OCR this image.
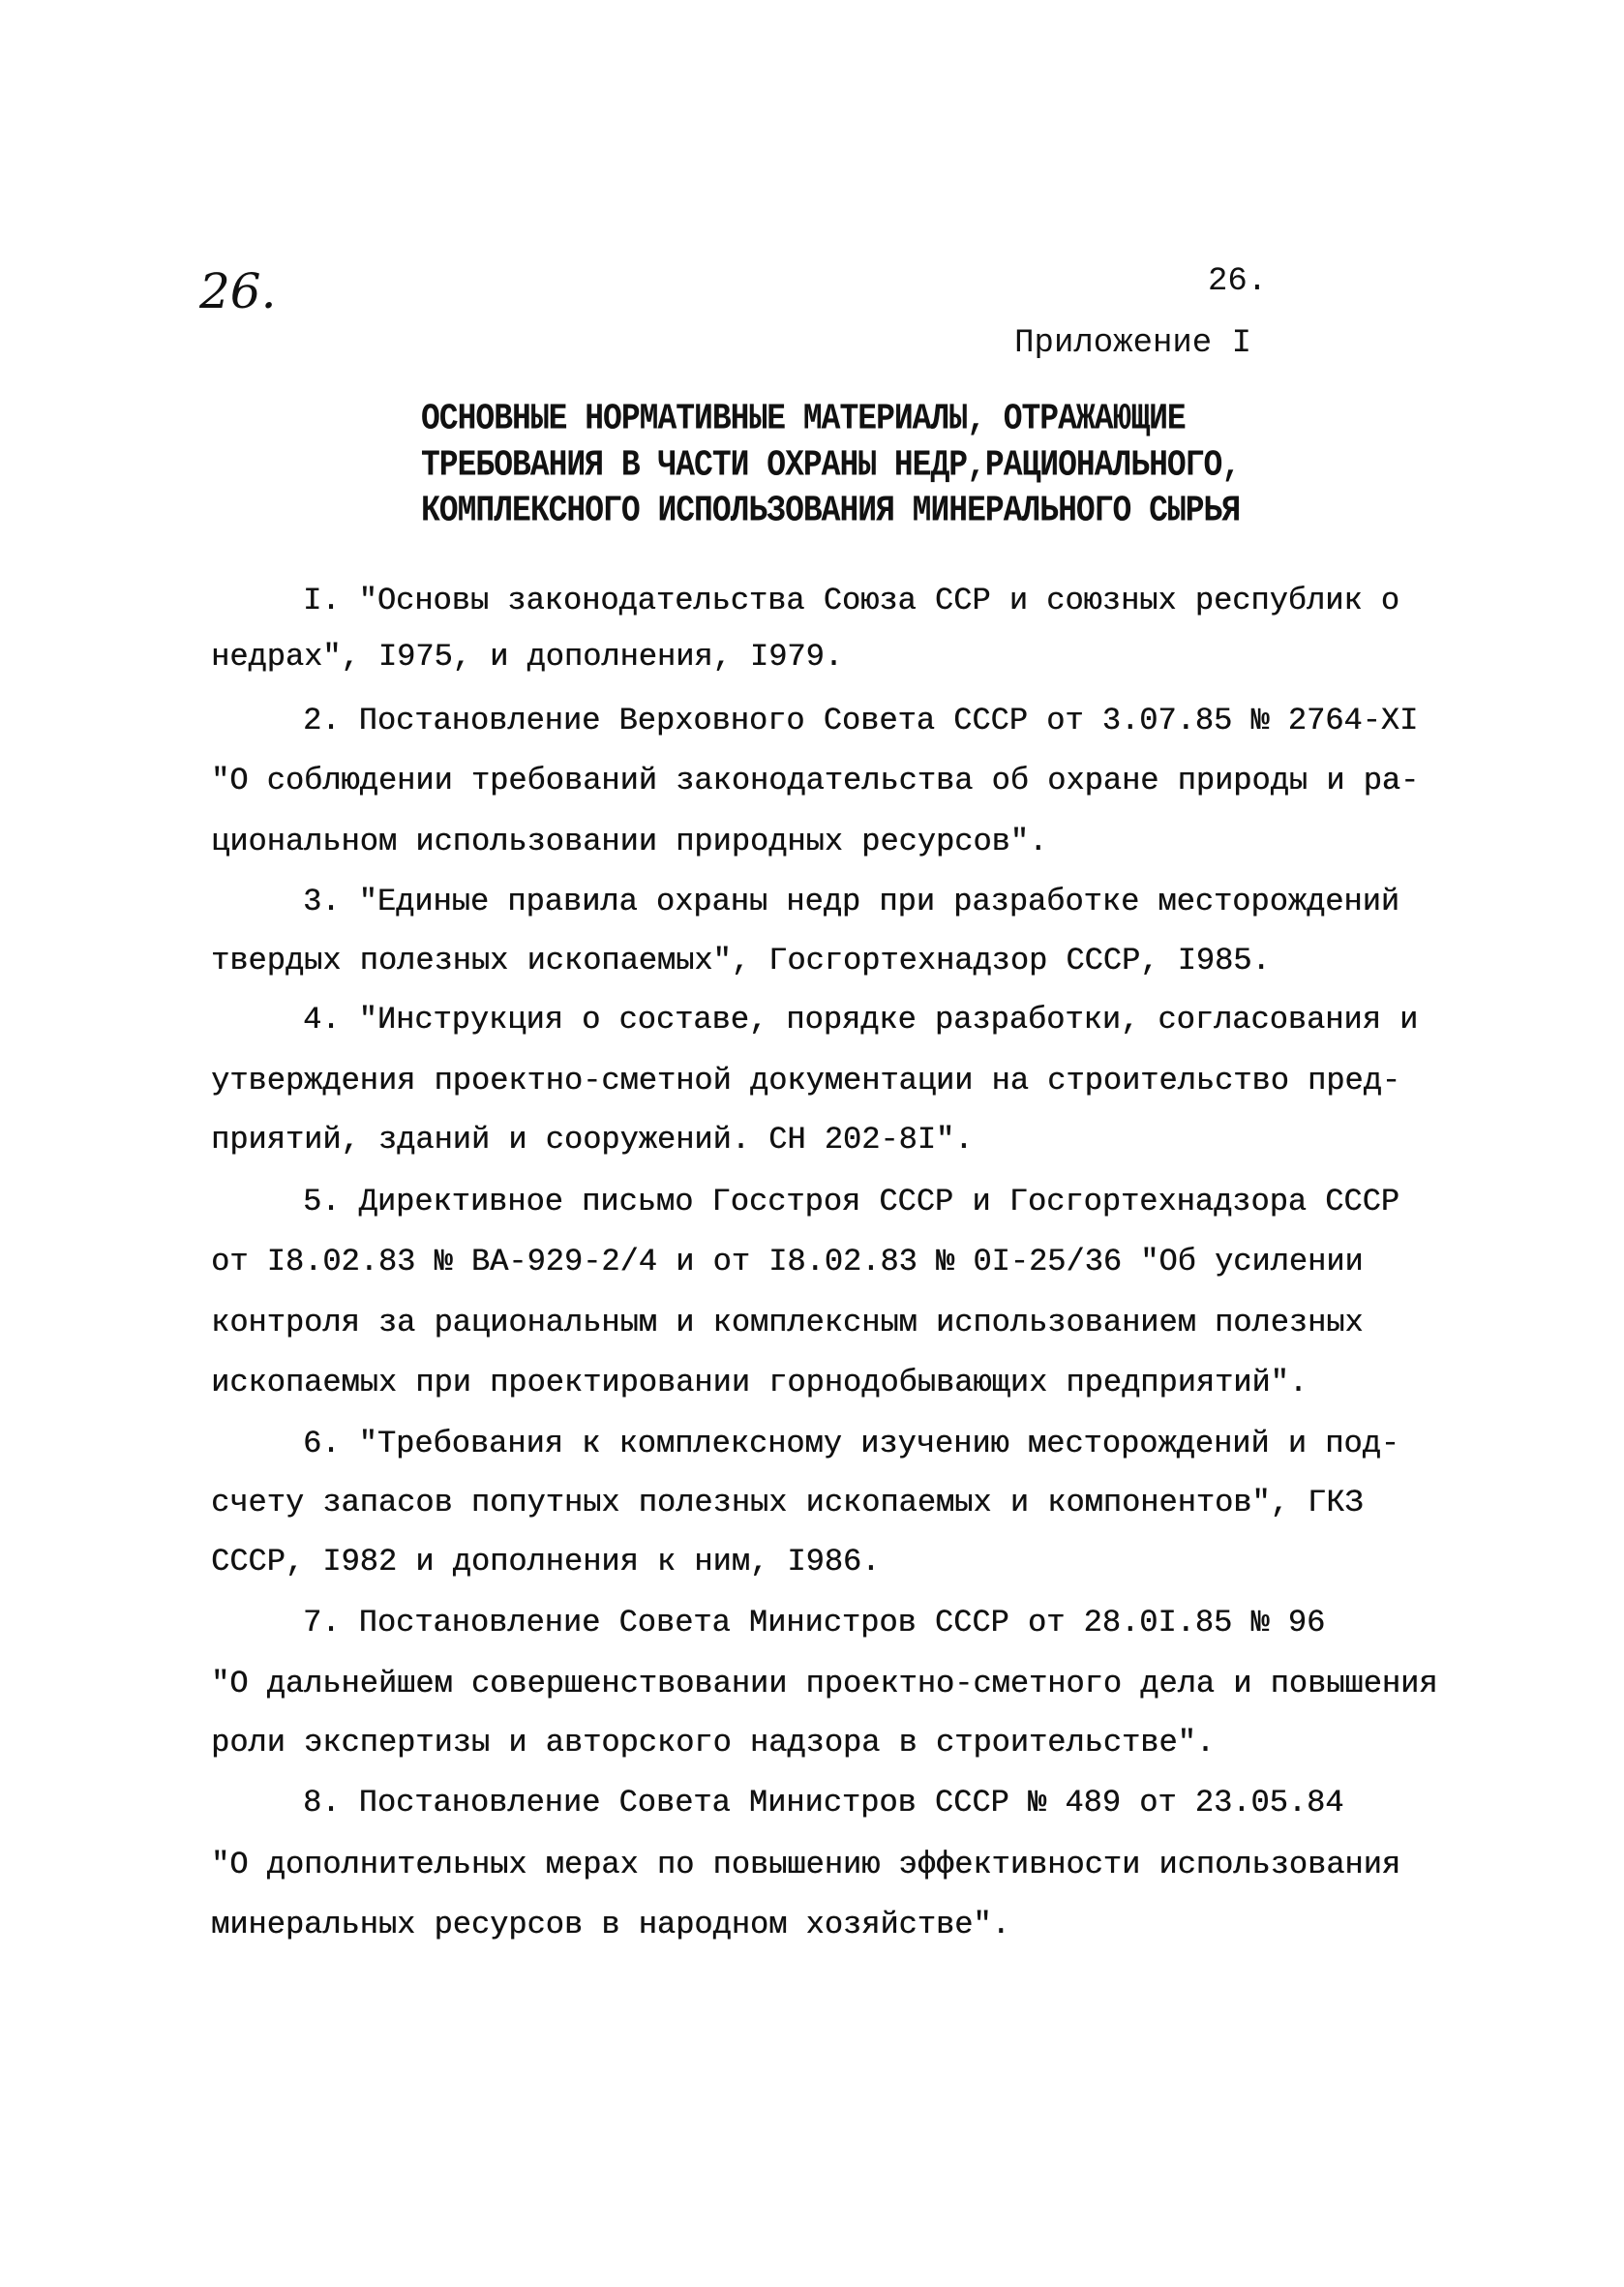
26.	26.
Приложение I
ОСНОВНЫЕ НОРМАТИВНЫЕ МАТЕРИАЛЫ, ОТРАЖАЮЩИЕ
ТРЕБОВАНИЯ В ЧАСТИ ОХРАНЫ НЕДР,РАЦИОНАЛЬНОГО,
КОМПЛЕКСНОГО ИСПОЛЬЗОВАНИЯ МИНЕРАЛЬНОГО СЫРЬЯ
I. "Основы законодательства Союза ССР и союзных республик о
недрах", I975, и дополнения, I979.
2. Постановление Верховного Совета СССР от 3.07.85 № 2764-XI
"О соблюдении требований законодательства об охране природы и ра-
циональном использовании природных ресурсов".
3. "Единые правила охраны недр при разработке месторождений
твердых полезных ископаемых", Госгортехнадзор СССР, I985.
4. "Инструкция о составе, порядке разработки, согласования и
утверждения проектно-сметной документации на строительство пред-
приятий, зданий и сооружений. СН 202-8I".
5. Директивное письмо Госстроя СССР и Госгортехнадзора СССР
от I8.02.83 № ВА-929-2/4 и от I8.02.83 № 0I-25/36 "Об усилении
контроля за рациональным и комплексным использованием полезных
ископаемых при проектировании горнодобывающих предприятий".
6. "Требования к комплексному изучению месторождений и под-
счету запасов попутных полезных ископаемых и компонентов", ГКЗ
СССР, I982 и дополнения к ним, I986.
7. Постановление Совета Министров СССР от 28.0I.85 № 96
"О дальнейшем совершенствовании проектно-сметного дела и повышения
роли экспертизы и авторского надзора в строительстве".
8. Постановление Совета Министров СССР № 489 от 23.05.84
"О дополнительных мерах по повышению эффективности использования
минеральных ресурсов в народном хозяйстве".
